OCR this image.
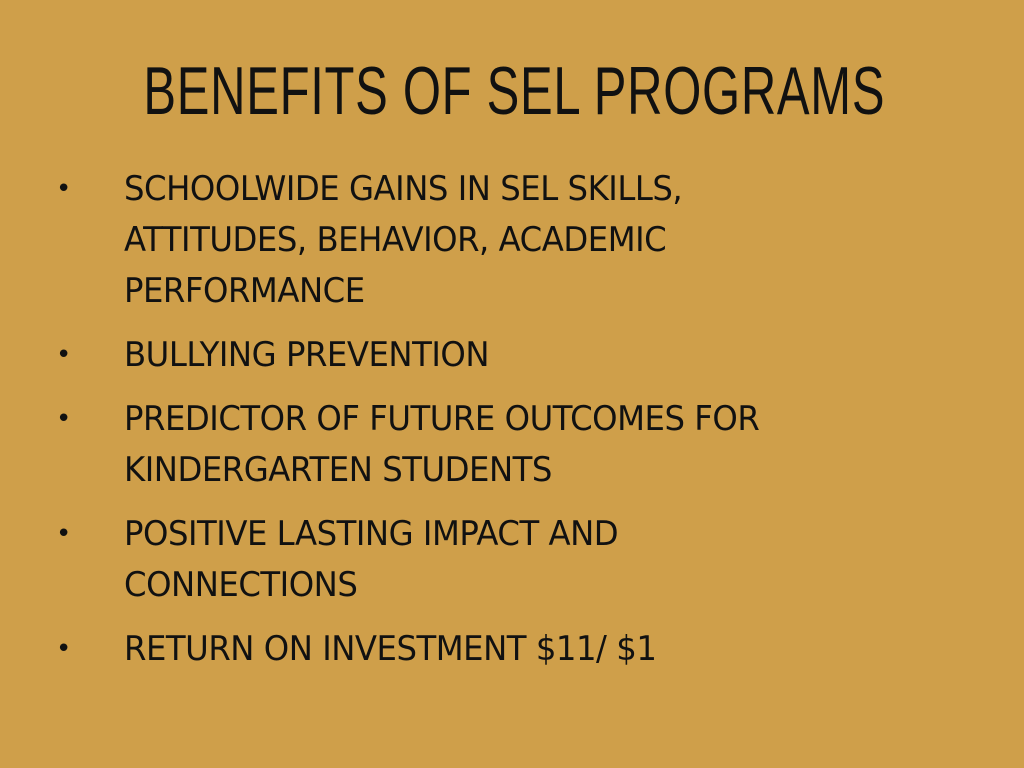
BENEFITS OF SEL PROGRAMS
• SCHOOLWIDE GAINS IN SEL SKILLS,
ATTITUDES, BEHAVIOR, ACADEMIC
PERFORMANCE
• BULLYING PREVENTION
• PREDICTOR OF FUTURE OUTCOMES FOR
KINDERGARTEN STUDENTS
• POSITIVE LASTING IMPACT AND
CONNECTIONS
• RETURN ON INVESTMENT $11/ $1
